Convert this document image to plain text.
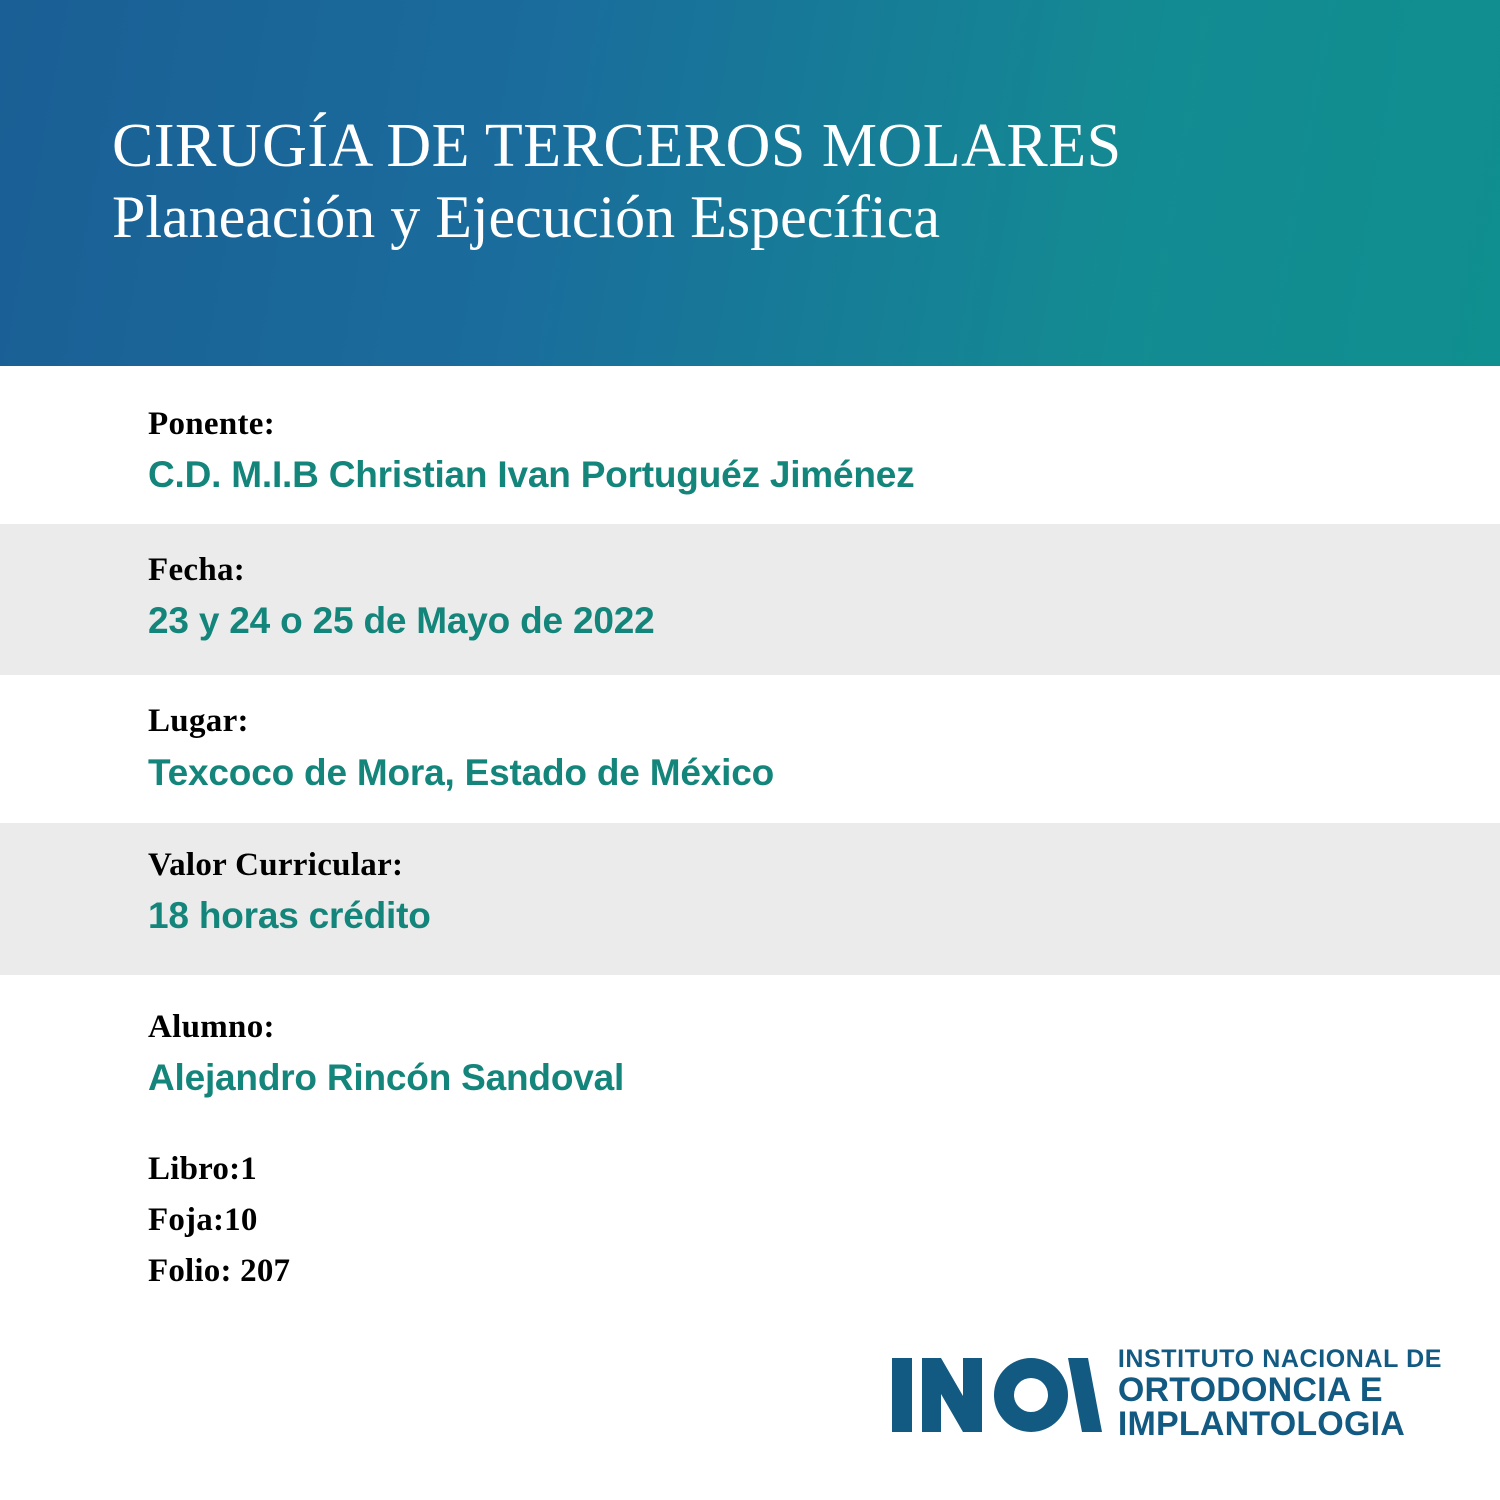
CIRUGÍA DE TERCEROS MOLARES
Planeación y Ejecución Específica
Ponente:
C.D. M.I.B Christian Ivan Portuguéz Jiménez
Fecha:
23 y 24 o 25 de Mayo de 2022
Lugar:
Texcoco de Mora, Estado de México
Valor Curricular:
18 horas crédito
Alumno:
Alejandro Rincón Sandoval
Libro:1
Foja:10
Folio: 207
INSTITUTO NACIONAL DE
ORTODONCIA E
IMPLANTOLOGIA
